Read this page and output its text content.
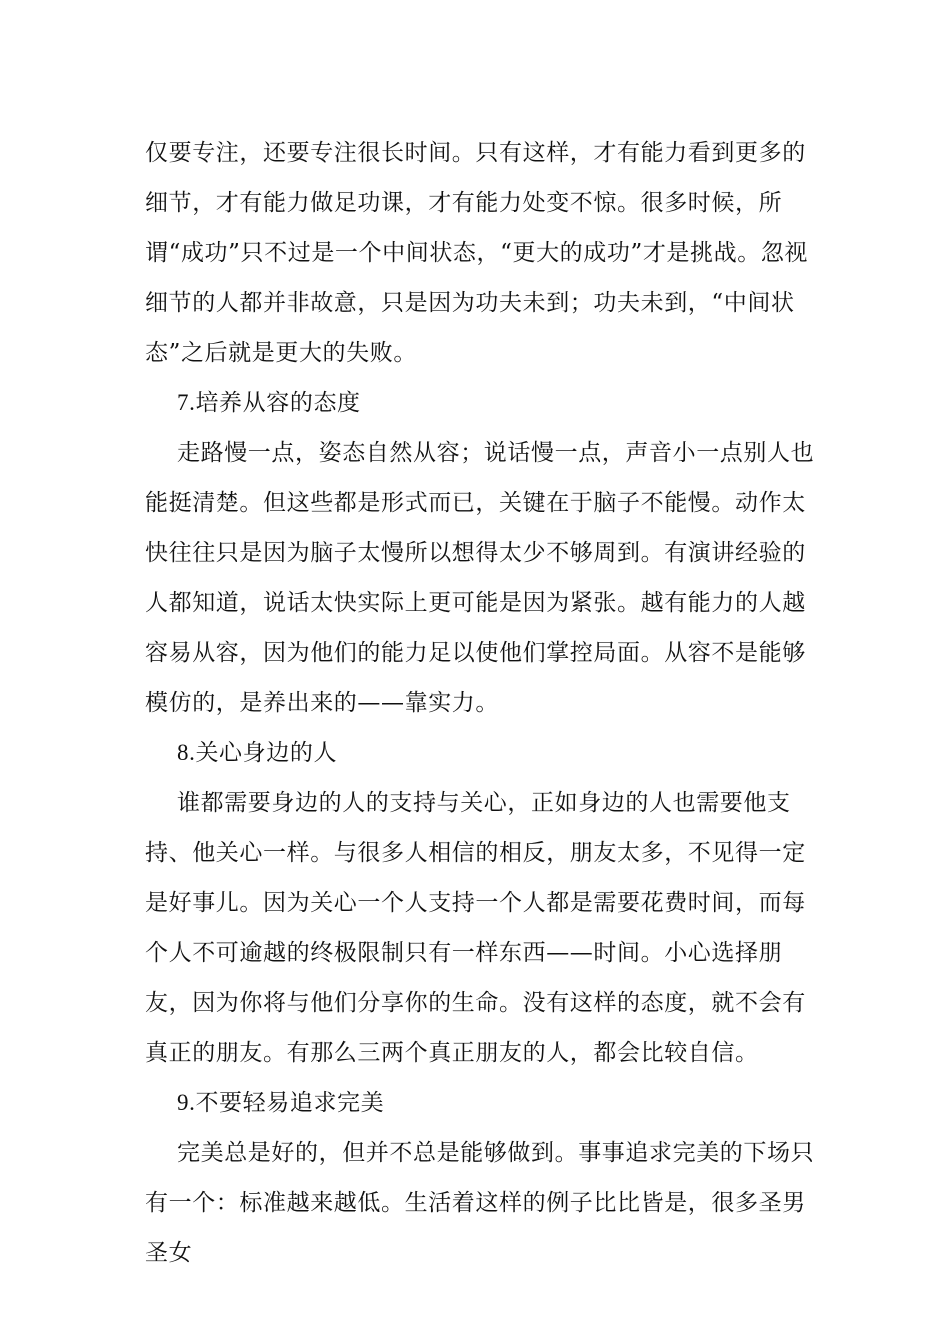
仅要专注，还要专注很长时间。只有这样，才有能力看到更多的细节，才有能力做足功课，才有能力处变不惊。很多时候，所谓“成功”只不过是一个中间状态，“更大的成功”才是挑战。忽视细节的人都并非故意，只是因为功夫未到；功夫未到，“中间状态”之后就是更大的失败。

7.培养从容的态度

走路慢一点，姿态自然从容；说话慢一点，声音小一点别人也能挺清楚。但这些都是形式而已，关键在于脑子不能慢。动作太快往往只是因为脑子太慢所以想得太少不够周到。有演讲经验的人都知道，说话太快实际上更可能是因为紧张。越有能力的人越容易从容，因为他们的能力足以使他们掌控局面。从容不是能够模仿的，是养出来的——靠实力。

8.关心身边的人

谁都需要身边的人的支持与关心，正如身边的人也需要他支持、他关心一样。与很多人相信的相反，朋友太多，不见得一定是好事儿。因为关心一个人支持一个人都是需要花费时间，而每个人不可逾越的终极限制只有一样东西——时间。小心选择朋友，因为你将与他们分享你的生命。没有这样的态度，就不会有真正的朋友。有那么三两个真正朋友的人，都会比较自信。

9.不要轻易追求完美

完美总是好的，但并不总是能够做到。事事追求完美的下场只有一个：标准越来越低。生活着这样的例子比比皆是，很多圣男圣女
